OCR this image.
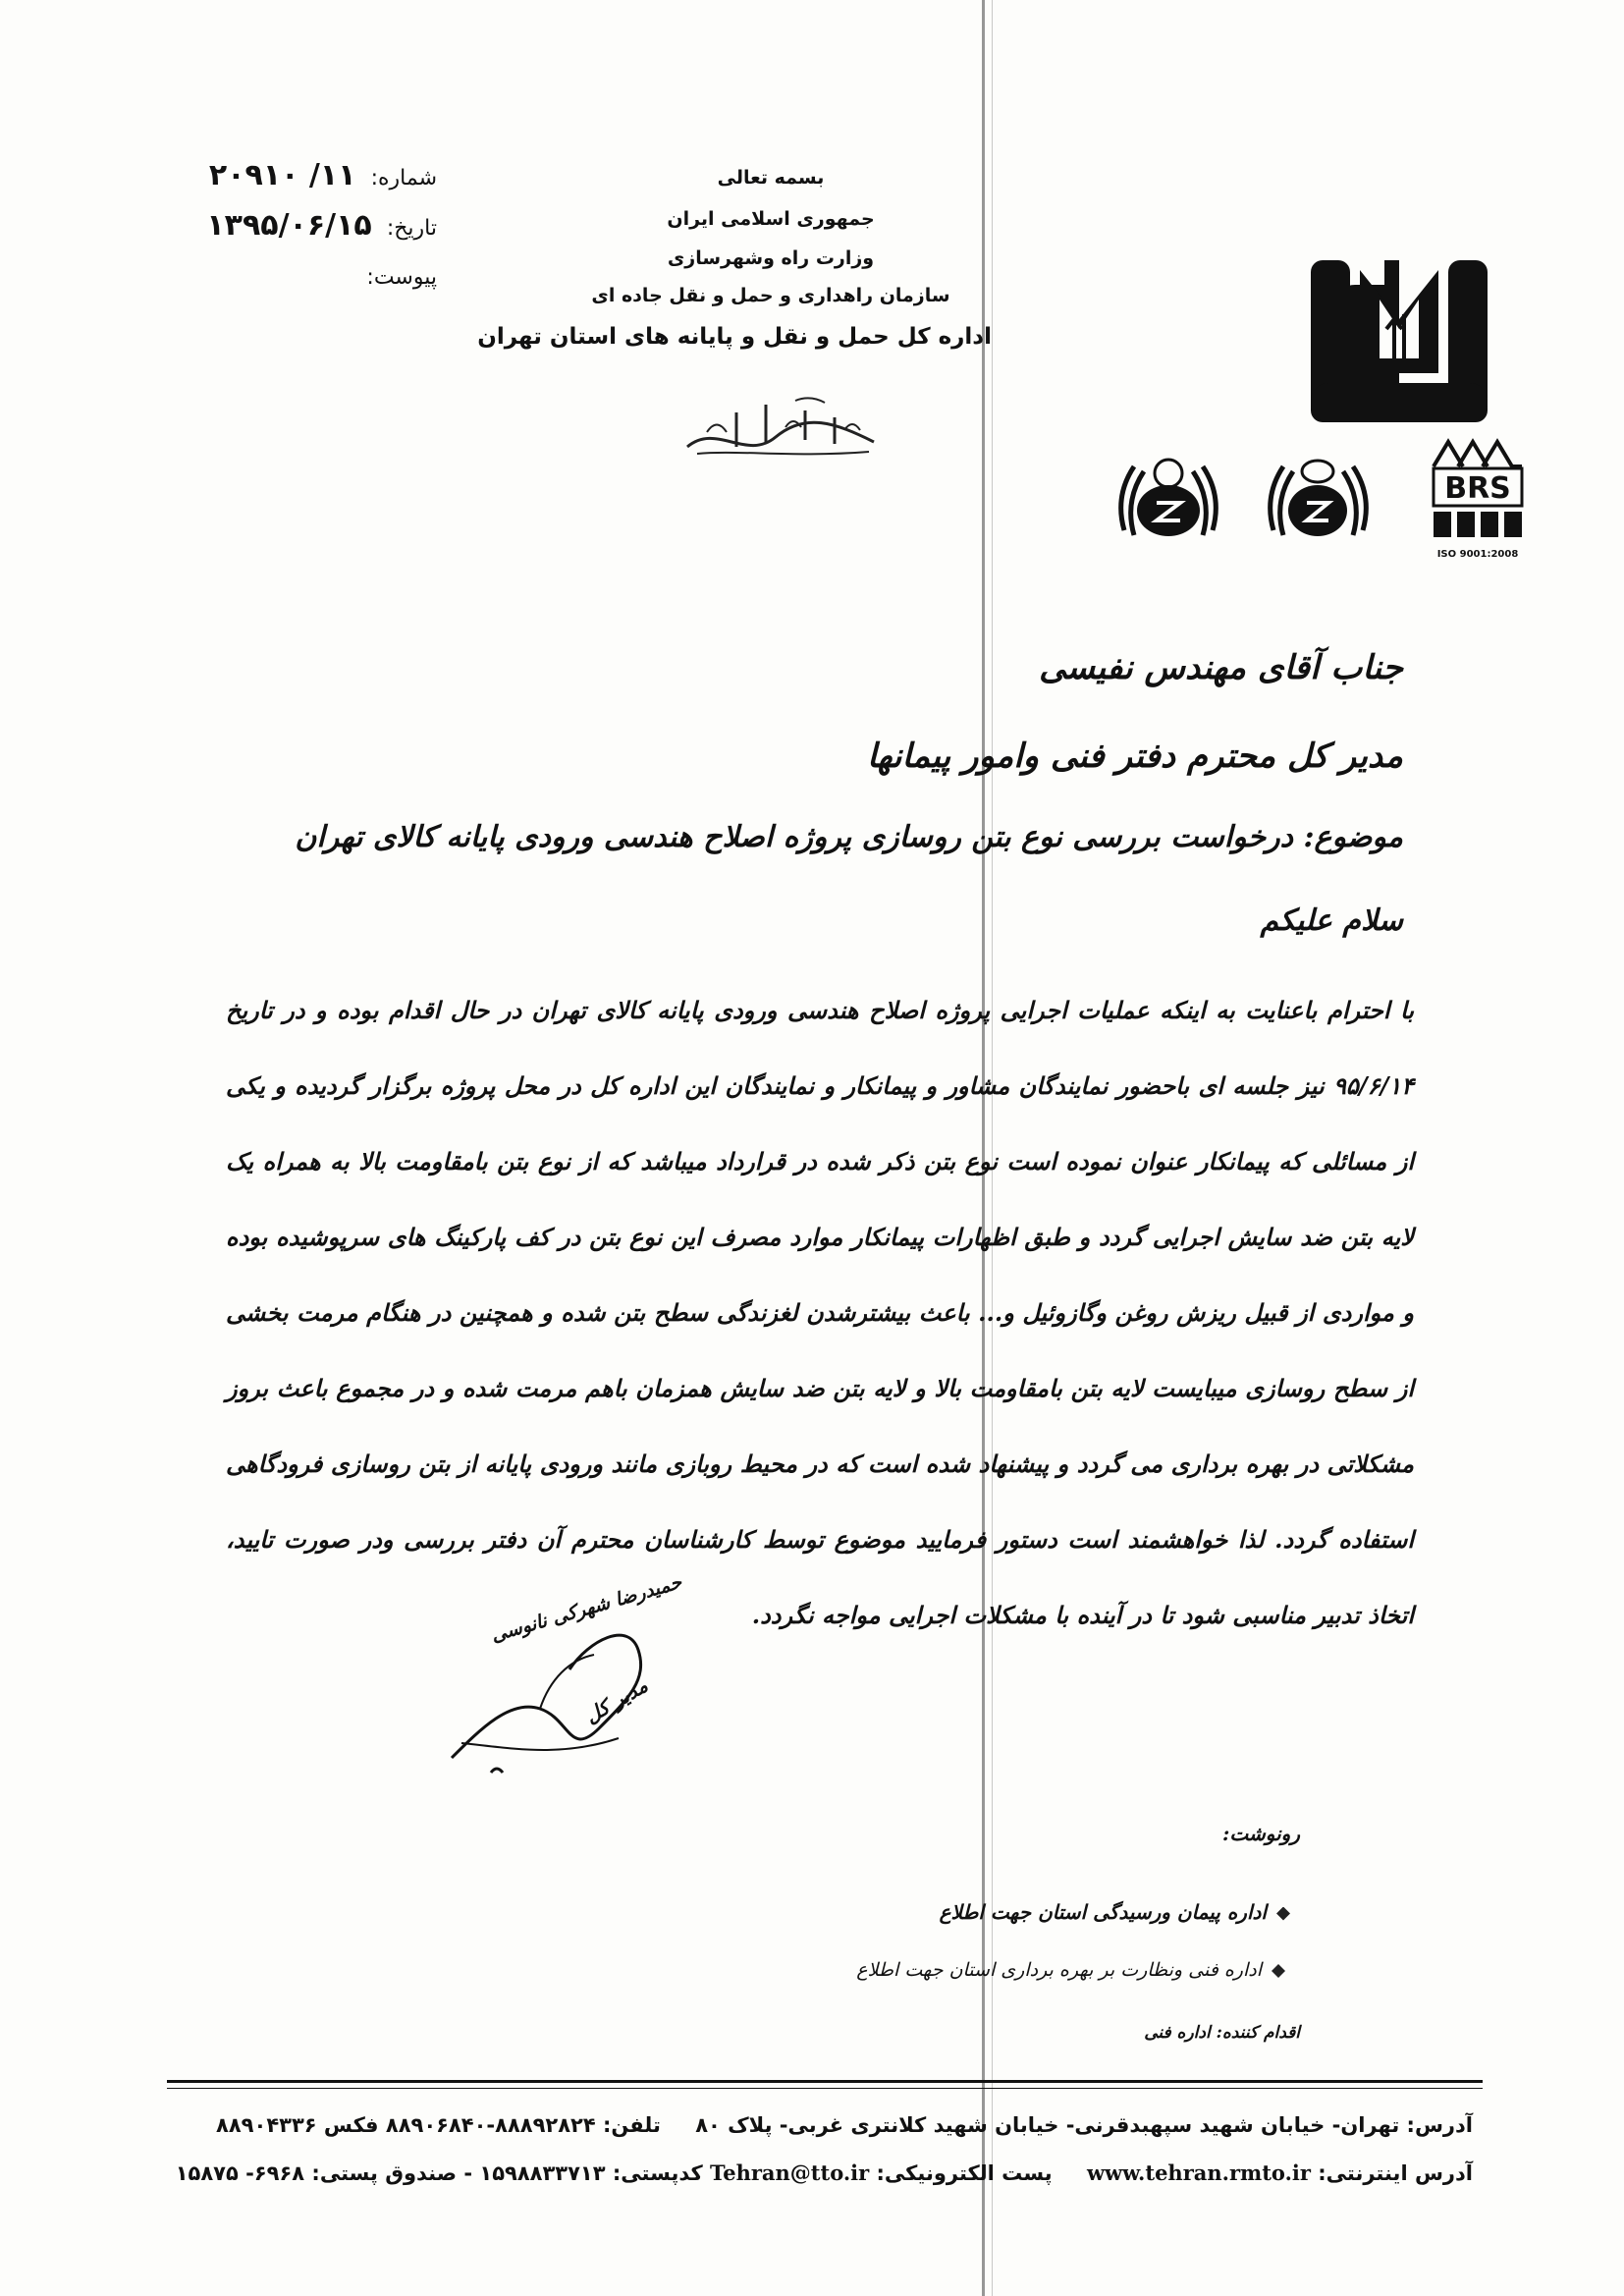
شماره: ۱۱/ ۲۰۹۱۰
تاریخ: ۱۳۹۵/۰۶/۱۵
پیوست:
بسمه تعالی
جمهوری اسلامی ایران
وزارت راه وشهرسازی
سازمان راهداری و حمل و نقل جاده ای
اداره کل حمل و نقل و پایانه های استان تهران
BRS
ISO 9001:2008
جناب آقای مهندس نفیسی
مدیر کل محترم دفتر فنی وامور پیمانها
موضوع: درخواست بررسی نوع بتن روسازی پروژه اصلاح هندسی ورودی پایانه کالای تهران
سلام علیکم
با احترام باعنایت به اینکه عملیات اجرایی پروژه اصلاح هندسی ورودی پایانه کالای تهران در حال اقدام بوده و در تاریخ ۹۵/۶/۱۴ نیز جلسه ای باحضور نمایندگان مشاور و پیمانکار و نمایندگان این اداره کل در محل پروژه برگزار گردیده و یکی از مسائلی که پیمانکار عنوان نموده است نوع بتن ذکر شده در قرارداد میباشد که از نوع بتن بامقاومت بالا به همراه یک لایه بتن ضد سایش اجرایی گردد و طبق اظهارات پیمانکار موارد مصرف این نوع بتن در کف پارکینگ های سرپوشیده بوده و مواردی از قبیل ریزش روغن وگازوئیل و... باعث بیشترشدن لغزندگی سطح بتن شده و همچنین در هنگام مرمت بخشی از سطح روسازی میبایست لایه بتن بامقاومت بالا و لایه بتن ضد سایش همزمان باهم مرمت شده و در مجموع باعث بروز مشکلاتی در بهره برداری می گردد و پیشنهاد شده است که در محیط روبازی مانند ورودی پایانه از بتن روسازی فرودگاهی استفاده گردد. لذا خواهشمند است دستور فرمایید موضوع توسط کارشناسان محترم آن دفتر بررسی ودر صورت تایید، اتخاذ تدبیر مناسبی شود تا در آینده با مشکلات اجرایی مواجه نگردد.
حمیدرضا شهرکی نانوسی
مدیر کل
رونوشت:
اداره پیمان ورسیدگی استان جهت اطلاع
اداره فنی ونظارت بر بهره برداری استان جهت اطلاع
اقدام کننده: اداره فنی
آدرس: تهران- خیابان شهید سپهبدقرنی- خیابان شهید کلانتری غربی- پلاک ۸۰ تلفن: ۸۸۸۹۲۸۲۴-۸۸۹۰۶۸۴۰ فکس ۸۸۹۰۴۳۳۶
آدرس اینترنتی: www.tehran.rmto.ir پست الکترونیکی: Tehran@tto.ir کدپستی: ۱۵۹۸۸۳۳۷۱۳ - صندوق پستی: ۶۹۶۸- ۱۵۸۷۵
